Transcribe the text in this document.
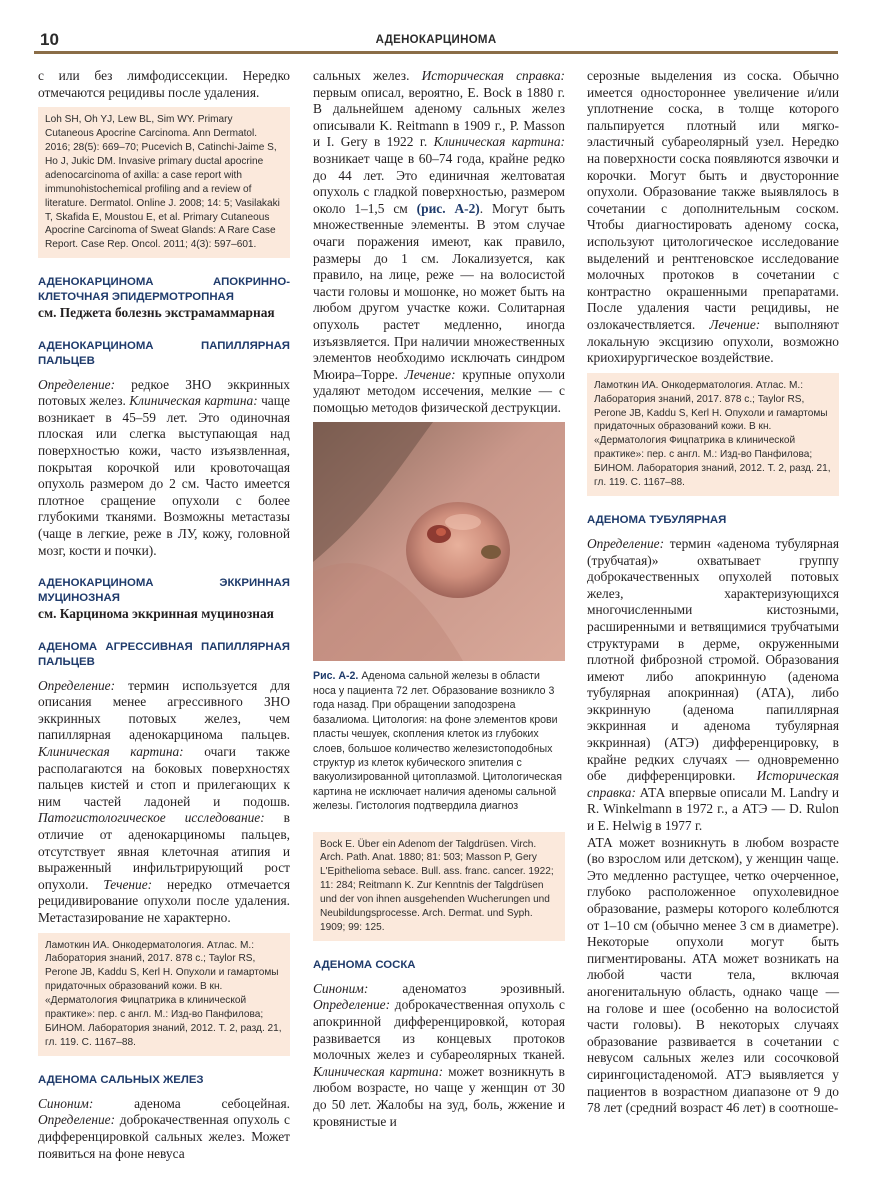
10	АДЕНОКАРЦИНОМА

с или без лимфодиссекции. Нередко отмечаются рецидивы после удаления.

Loh SH, Oh YJ, Lew BL, Sim WY. Primary Cutaneous Apocrine Carcinoma. Ann Dermatol. 2016; 28(5): 669–70; Pucevich B, Catinchi-Jaime S, Ho J, Jukic DM. Invasive primary ductal apocrine adenocarcinoma of axilla: a case report with immunohistochemical profiling and a review of literature. Dermatol. Online J. 2008; 14: 5; Vasilakaki T, Skafida E, Moustou E, et al. Primary Cutaneous Apocrine Carcinoma of Sweat Glands: A Rare Case Report. Case Rep. Oncol. 2011; 4(3): 597–601.

АДЕНОКАРЦИНОМА АПОКРИННО-КЛЕТОЧНАЯ ЭПИДЕРМОТРОПНАЯ

см. Педжета болезнь экстрамаммарная

АДЕНОКАРЦИНОМА ПАПИЛЛЯРНАЯ ПАЛЬЦЕВ

Определение: редкое ЗНО эккринных потовых желез. Клиническая картина: чаще возникает в 45–59 лет. Это одиночная плоская или слегка выступающая над поверхностью кожи, часто изъязвленная, покрытая корочкой или кровоточащая опухоль размером до 2 см. Часто имеется плотное сращение опухоли с более глубокими тканями. Возможны метастазы (чаще в легкие, реже в ЛУ, кожу, головной мозг, кости и почки).

АДЕНОКАРЦИНОМА ЭККРИННАЯ МУЦИНОЗНАЯ

см. Карцинома эккринная муцинозная

АДЕНОМА АГРЕССИВНАЯ ПАПИЛЛЯРНАЯ ПАЛЬЦЕВ

Определение: термин используется для описания менее агрессивного ЗНО эккринных потовых желез, чем папиллярная аденокарцинома пальцев. Клиническая картина: очаги также располагаются на боковых поверхностях пальцев кистей и стоп и прилегающих к ним частей ладоней и подошв. Патогистологическое исследование: в отличие от аденокарциномы пальцев, отсутствует явная клеточная атипия и выраженный инфильтрирующий рост опухоли. Течение: нередко отмечается рецидивирование опухоли после удаления. Метастазирование не характерно.

Ламоткин ИА. Онкодерматология. Атлас. М.: Лаборатория знаний, 2017. 878 с.; Taylor RS, Perone JB, Kaddu S, Kerl H. Опухоли и гамартомы придаточных образований кожи. В кн. «Дерматология Фицпатрика в клинической практике»: пер. с англ. М.: Изд-во Панфилова; БИНОМ. Лаборатория знаний, 2012. Т. 2, разд. 21, гл. 119. С. 1167–88.

АДЕНОМА САЛЬНЫХ ЖЕЛЕЗ

Синоним: аденома себоцейная. Определение: доброкачественная опухоль с дифференцировкой сальных желез. Может появиться на фоне невуса

сальных желез. Историческая справка: первым описал, вероятно, E. Bock в 1880 г. В дальнейшем аденому сальных желез описывали K. Reitmann в 1909 г., P. Masson и I. Gery в 1922 г. Клиническая картина: возникает чаще в 60–74 года, крайне редко до 44 лет. Это единичная желтоватая опухоль с гладкой поверхностью, размером около 1–1,5 см (рис. А-2). Могут быть множественные элементы. В этом случае очаги поражения имеют, как правило, размеры до 1 см. Локализуется, как правило, на лице, реже — на волосистой части головы и мошонке, но может быть на любом другом участке кожи. Солитарная опухоль растет медленно, иногда изъязвляется. При наличии множественных элементов необходимо исключать синдром Мюира–Торре. Лечение: крупные опухоли удаляют методом иссечения, мелкие — с помощью методов физической деструкции.

Рис. А-2. Аденома сальной железы в области носа у пациента 72 лет. Образование возникло 3 года назад. При обращении заподозрена базалиома. Цитология: на фоне элементов крови пласты чешуек, скопления клеток из глубоких слоев, большое количество железистоподобных структур из клеток кубического эпителия с вакуолизированной цитоплазмой. Цитологическая картина не исключает наличия аденомы сальной железы. Гистология подтвердила диагноз
Bock E. Über ein Adenom der Talgdrüsen. Virch. Arch. Path. Anat. 1880; 81: 503; Masson P, Gery L'Epithelioma sebace. Bull. ass. franc. cancer. 1922; 11: 284; Reitmann K. Zur Kenntnis der Talgdrüsen und der von ihnen ausgehenden Wucherungen und Neubildungsprocesse. Arch. Dermat. und Syph. 1909; 99: 125.

АДЕНОМА СОСКА

Синоним: аденоматоз эрозивный. Определение: доброкачественная опухоль с апокринной дифференцировкой, которая развивается из концевых протоков молочных желез и субареолярных тканей. Клиническая картина: может возникнуть в любом возрасте, но чаще у женщин от 30 до 50 лет. Жалобы на зуд, боль, жжение и кровянистые и

серозные выделения из соска. Обычно имеется одностороннее увеличение и/или уплотнение соска, в толще которого пальпируется плотный или мягко-эластичный субареолярный узел. Нередко на поверхности соска появляются язвочки и корочки. Могут быть и двусторонние опухоли. Образование также выявлялось в сочетании с дополнительным соском. Чтобы диагностировать аденому соска, используют цитологическое исследование выделений и рентгеновское исследование молочных протоков в сочетании с контрастно окрашенными препаратами. После удаления части рецидивы, не озлокачествляется. Лечение: выполняют локальную эксцизию опухоли, возможно криохирургическое воздействие.

Ламоткин ИА. Онкодерматология. Атлас. М.: Лаборатория знаний, 2017. 878 с.; Taylor RS, Perone JB, Kaddu S, Kerl H. Опухоли и гамартомы придаточных образований кожи. В кн. «Дерматология Фицпатрика в клинической практике»: пер. с англ. М.: Изд-во Панфилова; БИНОМ. Лаборатория знаний, 2012. Т. 2, разд. 21, гл. 119. С. 1167–88.

АДЕНОМА ТУБУЛЯРНАЯ

Определение: термин «аденома тубулярная (трубчатая)» охватывает группу доброкачественных опухолей потовых желез, характеризующихся многочисленными кистозными, расширенными и ветвящимися трубчатыми структурами в дерме, окруженными плотной фиброзной стромой. Образования имеют либо апокринную (аденома тубулярная апокринная) (АТА), либо эккринную (аденома папиллярная эккринная и аденома тубулярная эккринная) (АТЭ) дифференцировку, в крайне редких случаях — одновременно обе дифференцировки. Историческая справка: АТА впервые описали M. Landry и R. Winkelmann в 1972 г., а АТЭ — D. Rulon и E. Helwig в 1977 г.

АТА может возникнуть в любом возрасте (во взрослом или детском), у женщин чаще. Это медленно растущее, четко очерченное, глубоко расположенное опухолевидное образование, размеры которого колеблются от 1–10 см (обычно менее 3 см в диаметре). Некоторые опухоли могут быть пигментированы. АТА может возникать на любой части тела, включая аногенитальную область, однако чаще — на голове и шее (особенно на волосистой части головы). В некоторых случаях образование развивается в сочетании с невусом сальных желез или сосочковой сирингоцистаденомой. АТЭ выявляется у пациентов в возрастном диапазоне от 9 до 78 лет (средний возраст 46 лет) в соотноше-
